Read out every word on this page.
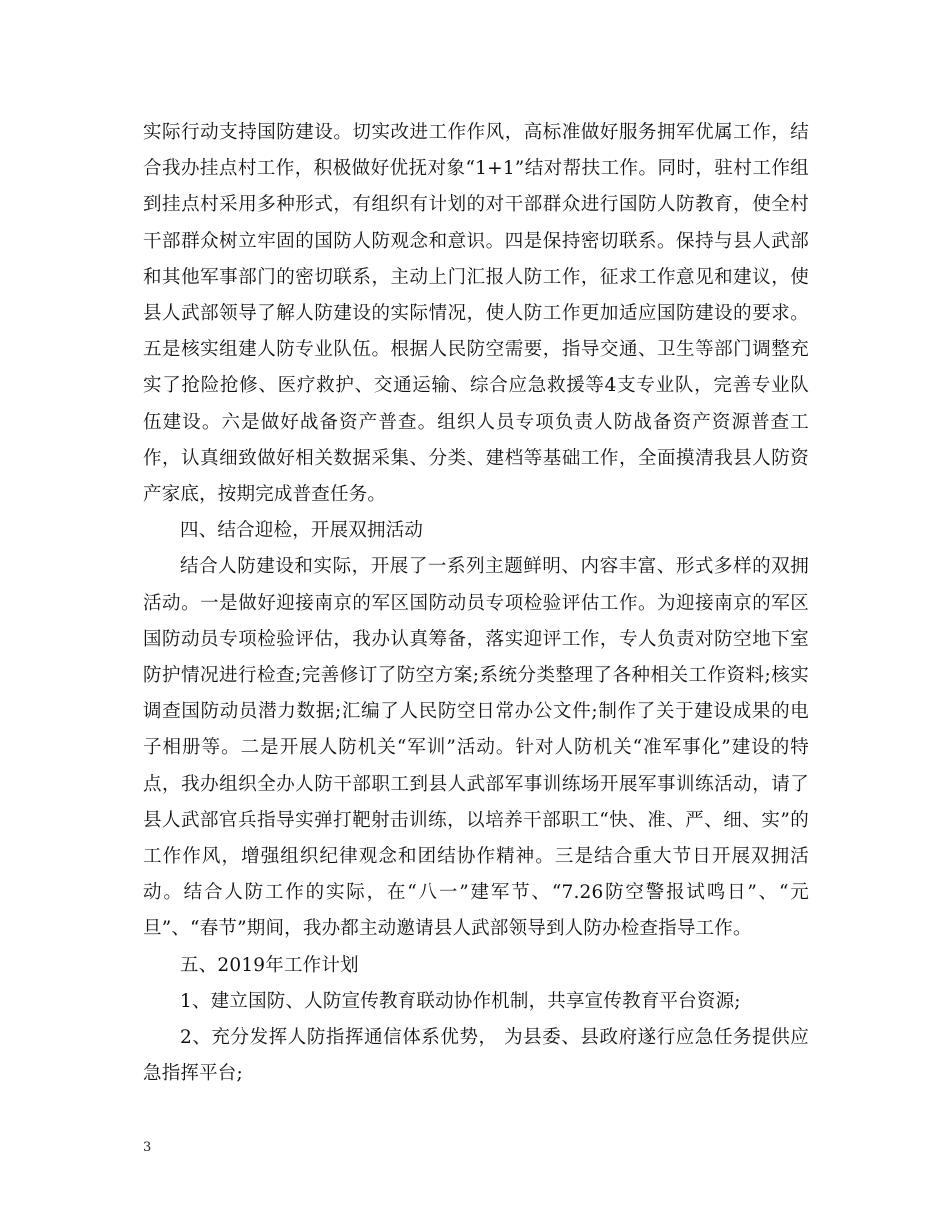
实际行动支持国防建设。切实改进工作作风，高标准做好服务拥军优属工作，结合我办挂点村工作，积极做好优抚对象“1+1”结对帮扶工作。同时，驻村工作组到挂点村采用多种形式，有组织有计划的对干部群众进行国防人防教育，使全村干部群众树立牢固的国防人防观念和意识。四是保持密切联系。保持与县人武部和其他军事部门的密切联系，主动上门汇报人防工作，征求工作意见和建议，使县人武部领导了解人防建设的实际情况，使人防工作更加适应国防建设的要求。五是核实组建人防专业队伍。根据人民防空需要，指导交通、卫生等部门调整充实了抢险抢修、医疗救护、交通运输、综合应急救援等4支专业队，完善专业队伍建设。六是做好战备资产普查。组织人员专项负责人防战备资产资源普查工作，认真细致做好相关数据采集、分类、建档等基础工作，全面摸清我县人防资产家底，按期完成普查任务。

四、结合迎检，开展双拥活动

结合人防建设和实际，开展了一系列主题鲜明、内容丰富、形式多样的双拥活动。一是做好迎接南京的军区国防动员专项检验评估工作。为迎接南京的军区国防动员专项检验评估，我办认真筹备，落实迎评工作，专人负责对防空地下室防护情况进行检查;完善修订了防空方案;系统分类整理了各种相关工作资料;核实调查国防动员潜力数据;汇编了人民防空日常办公文件;制作了关于建设成果的电子相册等。二是开展人防机关“军训”活动。针对人防机关“准军事化”建设的特点，我办组织全办人防干部职工到县人武部军事训练场开展军事训练活动，请了县人武部官兵指导实弹打靶射击训练，以培养干部职工“快、准、严、细、实”的工作作风，增强组织纪律观念和团结协作精神。三是结合重大节日开展双拥活动。结合人防工作的实际，在“八一”建军节、“7.26防空警报试鸣日”、“元旦”、“春节”期间，我办都主动邀请县人武部领导到人防办检查指导工作。

五、2019年工作计划

1、建立国防、人防宣传教育联动协作机制，共享宣传教育平台资源;

2、充分发挥人防指挥通信体系优势， 为县委、县政府遂行应急任务提供应急指挥平台;

3
